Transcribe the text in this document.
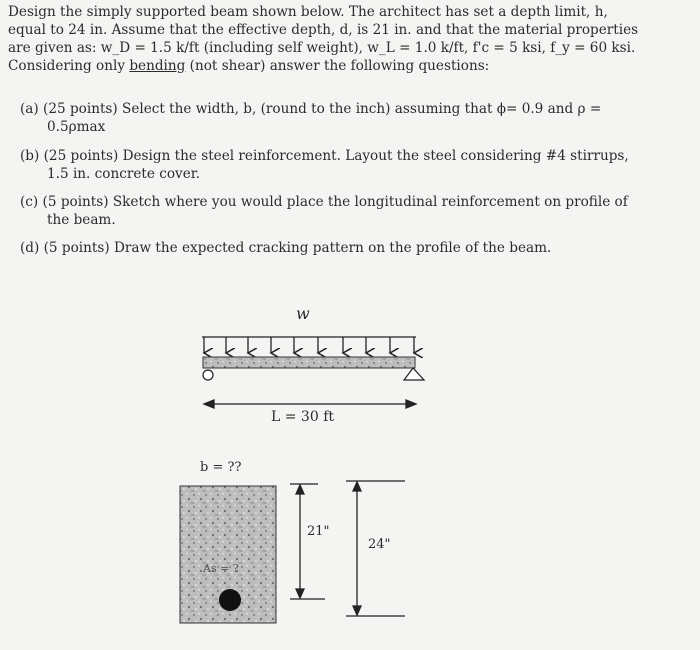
Design the simply supported beam shown below. The architect has set a depth limit, h,
equal to 24 in. Assume that the effective depth, d, is 21 in. and that the material properties
are given as: w_D = 1.5 k/ft (including self weight), w_L = 1.0 k/ft, f'c = 5 ksi, f_y = 60 ksi.
Considering only bending (not shear) answer the following questions:
(a) (25 points) Select the width, b, (round to the inch) assuming that ϕ= 0.9 and ρ =
0.5ρmax
(b) (25 points) Design the steel reinforcement. Layout the steel considering #4 stirrups,
1.5 in. concrete cover.
(c) (5 points) Sketch where you would place the longitudinal reinforcement on profile of
the beam.
(d) (5 points) Draw the expected cracking pattern on the profile of the beam.
w
L = 30 ft
b = ??
21"
24"
As = ?
